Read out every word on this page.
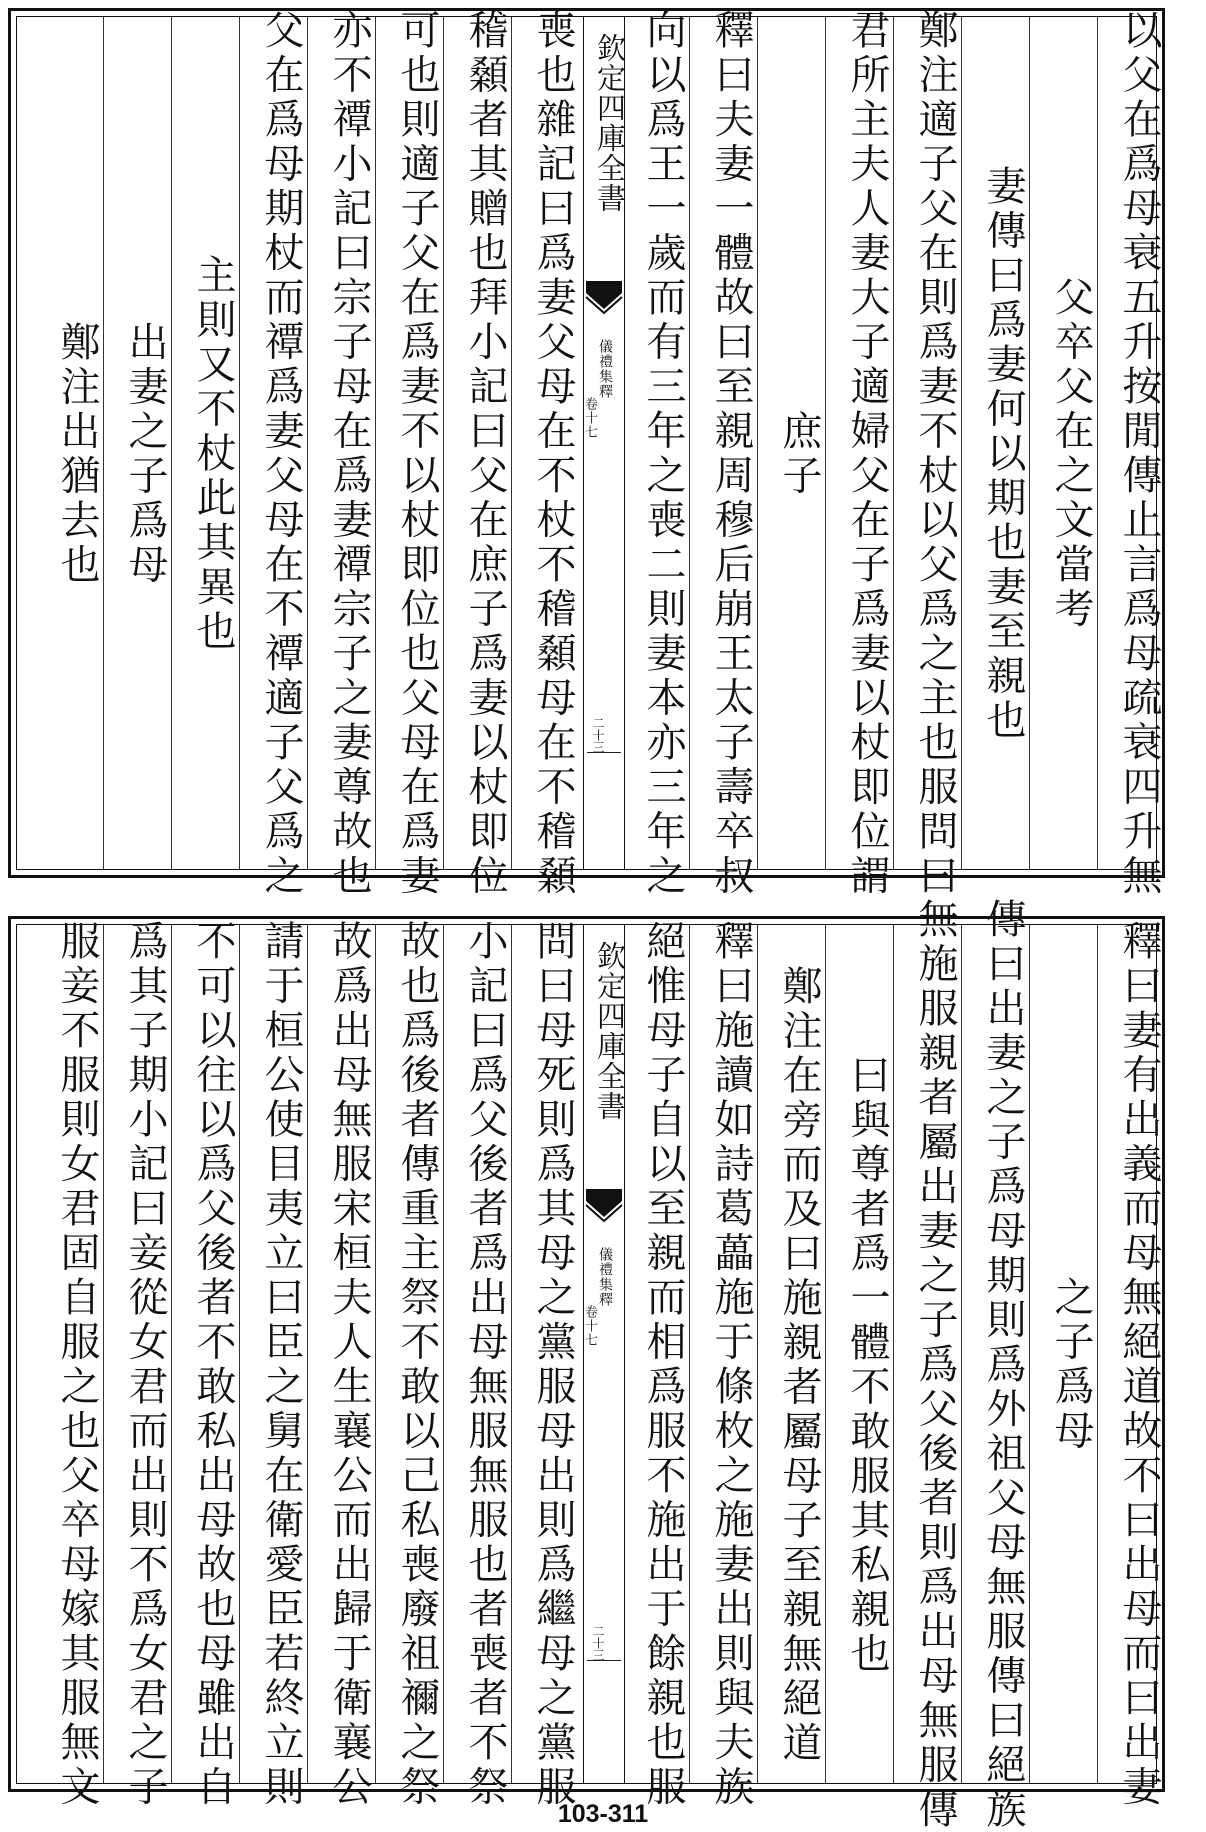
以父在爲母衰五升按閒傳止言爲母疏衰四升無
父卒父在之文當考
妻傳曰爲妻何以期也妻至親也
鄭注適子父在則爲妻不杖以父爲之主也服問曰
君所主夫人妻大子適婦父在子爲妻以杖即位謂
庶子
釋曰夫妻一體故曰至親周穆后崩王太子壽卒叔
向以爲王一歲而有三年之喪二則妻本亦三年之
欽定四庫全書
儀禮集釋
卷十七
二十三
喪也雜記曰爲妻父母在不杖不稽顙母在不稽顙
稽顙者其贈也拜小記曰父在庶子爲妻以杖即位
可也則適子父在爲妻不以杖即位也父母在爲妻
亦不禫小記曰宗子母在爲妻禫宗子之妻尊故也
父在爲母期杖而禫爲妻父母在不禫適子父爲之
主則又不杖此其異也
出妻之子爲母
鄭注出猶去也
釋曰妻有出義而母無絕道故不曰出母而曰出妻
之子爲母
傳曰出妻之子爲母期則爲外祖父母無服傳曰絕族
無施服親者屬出妻之子爲父後者則爲出母無服傳
曰與尊者爲一體不敢服其私親也
鄭注在旁而及曰施親者屬母子至親無絕道
釋曰施讀如詩葛藟施于條枚之施妻出則與夫族
絕惟母子自以至親而相爲服不施出于餘親也服
欽定四庫全書
儀禮集釋
卷十七
二十三
問曰母死則爲其母之黨服母出則爲繼母之黨服
小記曰爲父後者爲出母無服無服也者喪者不祭
故也爲後者傳重主祭不敢以己私喪廢祖禰之祭
故爲出母無服宋桓夫人生襄公而出歸于衛襄公
請于桓公使目夷立曰臣之舅在衛愛臣若終立則
不可以往以爲父後者不敢私出母故也母雖出自
爲其子期小記曰妾從女君而出則不爲女君之子
服妾不服則女君固自服之也父卒母嫁其服無文
103-311
